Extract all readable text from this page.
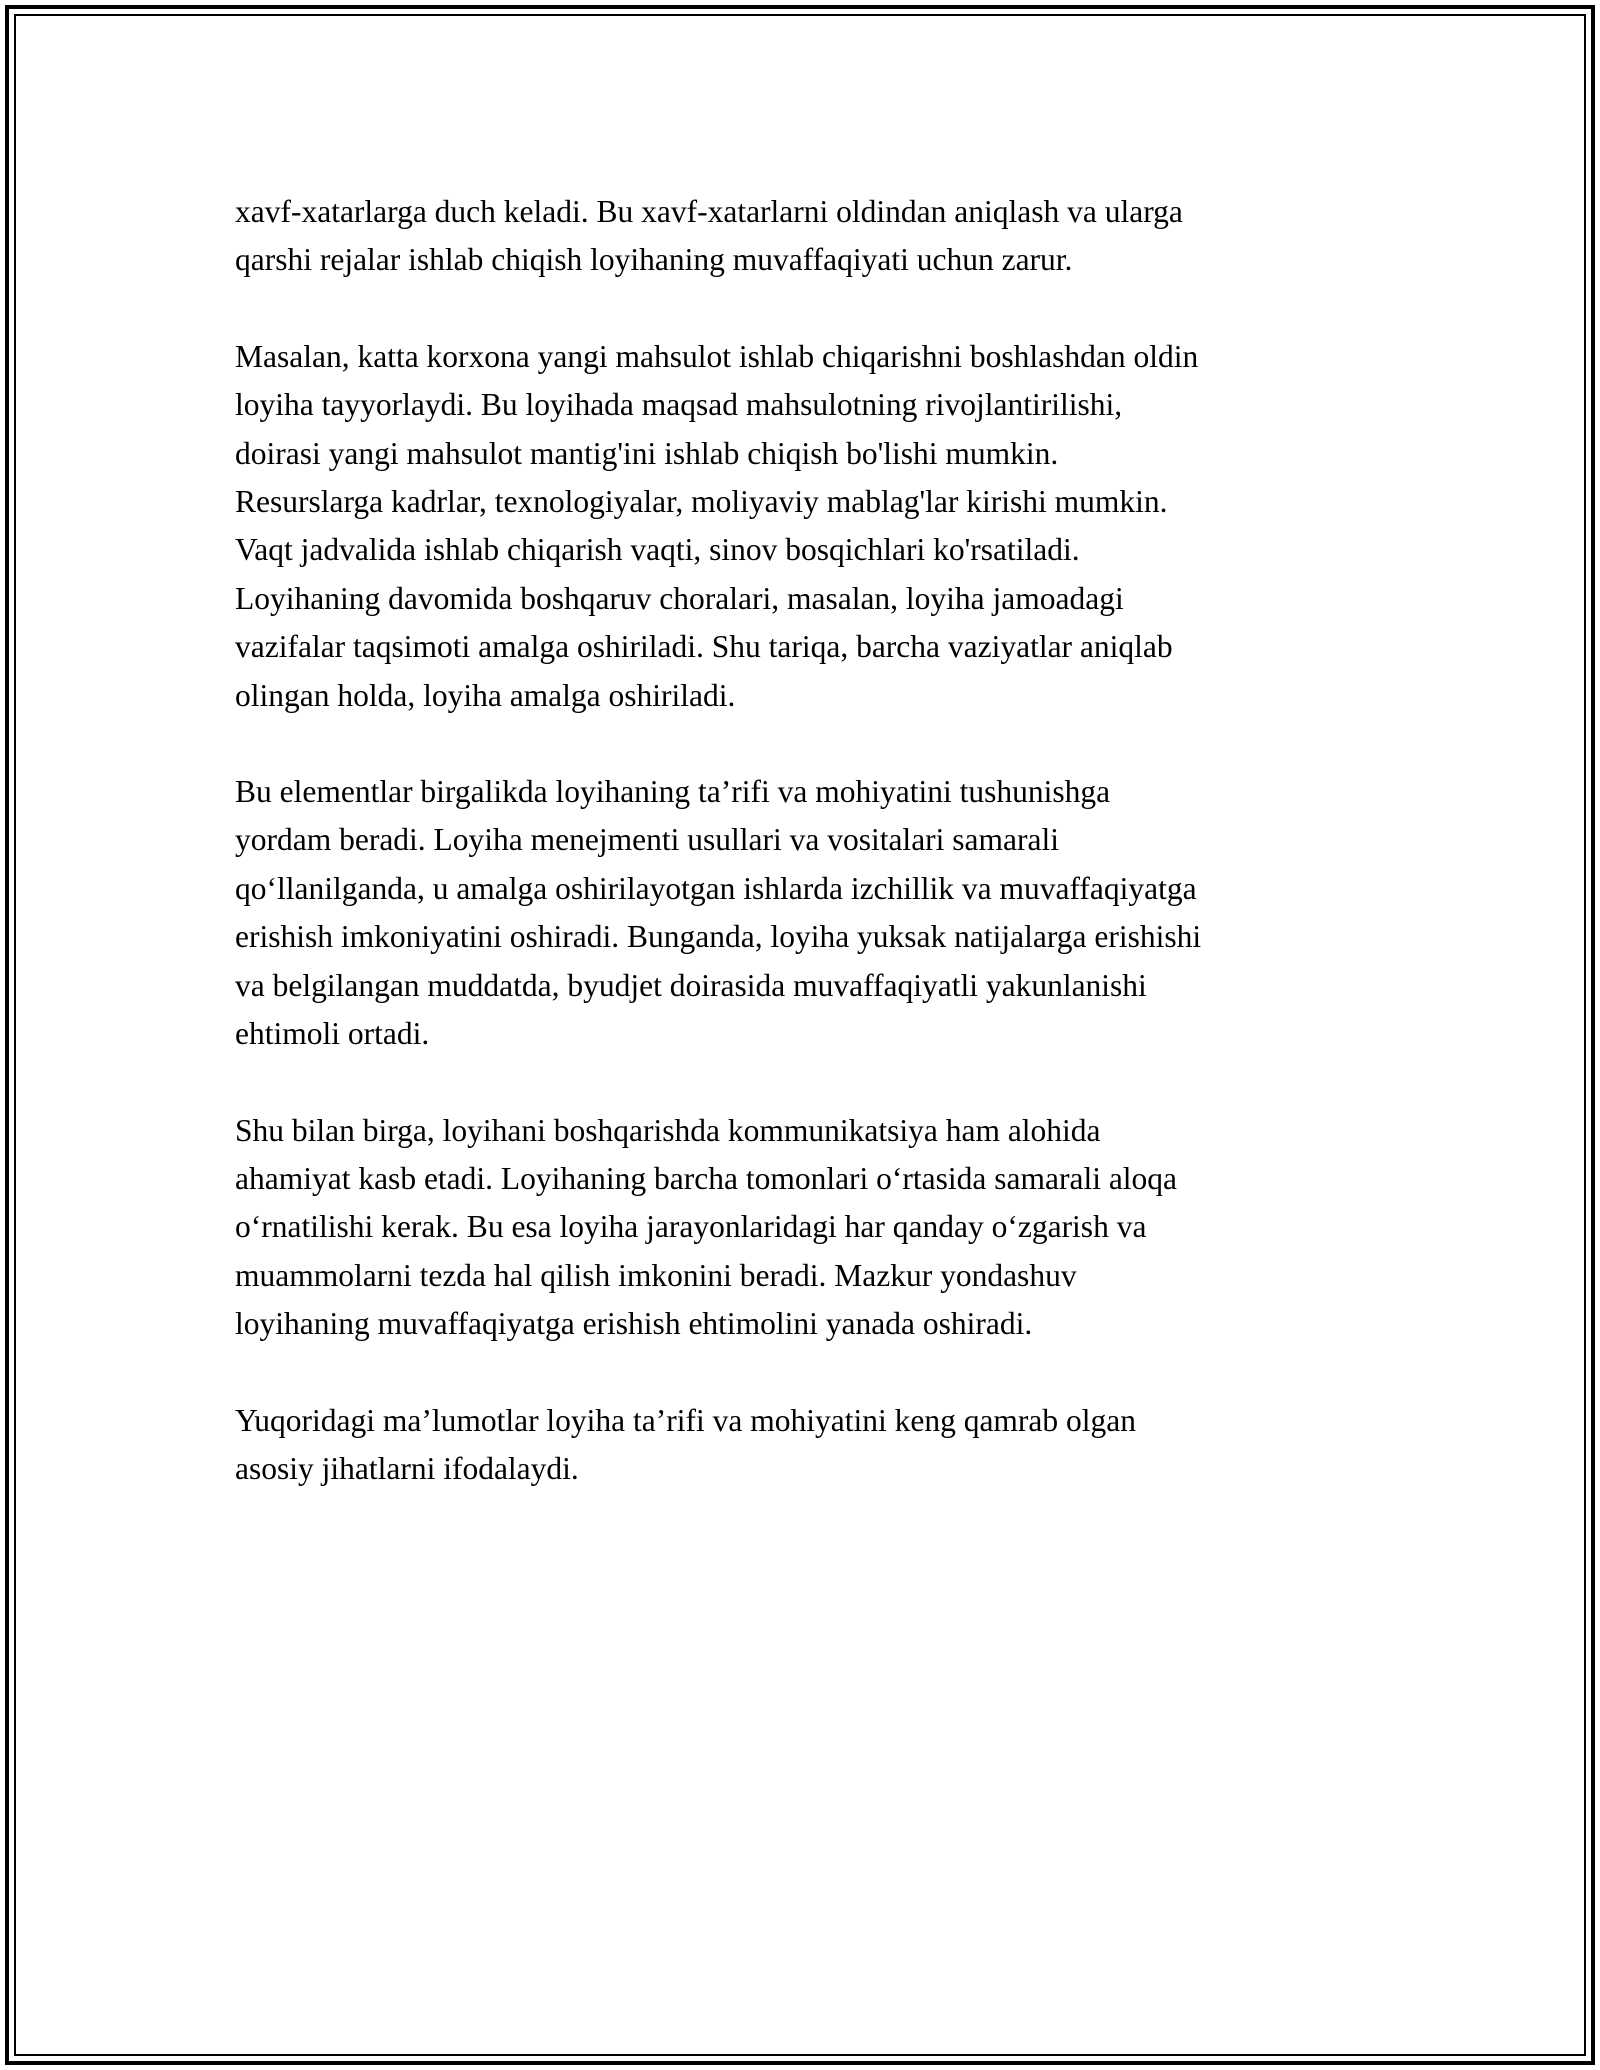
xavf-xatarlarga duch keladi. Bu xavf-xatarlarni oldindan aniqlash va ularga
qarshi rejalar ishlab chiqish loyihaning muvaffaqiyati uchun zarur.

Masalan, katta korxona yangi mahsulot ishlab chiqarishni boshlashdan oldin
loyiha tayyorlaydi. Bu loyihada maqsad mahsulotning rivojlantirilishi,
doirasi yangi mahsulot mantig'ini ishlab chiqish bo'lishi mumkin.
Resurslarga kadrlar, texnologiyalar, moliyaviy mablag'lar kirishi mumkin.
Vaqt jadvalida ishlab chiqarish vaqti, sinov bosqichlari ko'rsatiladi.
Loyihaning davomida boshqaruv choralari, masalan, loyiha jamoadagi
vazifalar taqsimoti amalga oshiriladi. Shu tariqa, barcha vaziyatlar aniqlab
olingan holda, loyiha amalga oshiriladi.

Bu elementlar birgalikda loyihaning ta’rifi va mohiyatini tushunishga
yordam beradi. Loyiha menejmenti usullari va vositalari samarali
qo‘llanilganda, u amalga oshirilayotgan ishlarda izchillik va muvaffaqiyatga
erishish imkoniyatini oshiradi. Bunganda, loyiha yuksak natijalarga erishishi
va belgilangan muddatda, byudjet doirasida muvaffaqiyatli yakunlanishi
ehtimoli ortadi.

Shu bilan birga, loyihani boshqarishda kommunikatsiya ham alohida
ahamiyat kasb etadi. Loyihaning barcha tomonlari o‘rtasida samarali aloqa
o‘rnatilishi kerak. Bu esa loyiha jarayonlaridagi har qanday o‘zgarish va
muammolarni tezda hal qilish imkonini beradi. Mazkur yondashuv
loyihaning muvaffaqiyatga erishish ehtimolini yanada oshiradi.

Yuqoridagi ma’lumotlar loyiha ta’rifi va mohiyatini keng qamrab olgan
asosiy jihatlarni ifodalaydi.
